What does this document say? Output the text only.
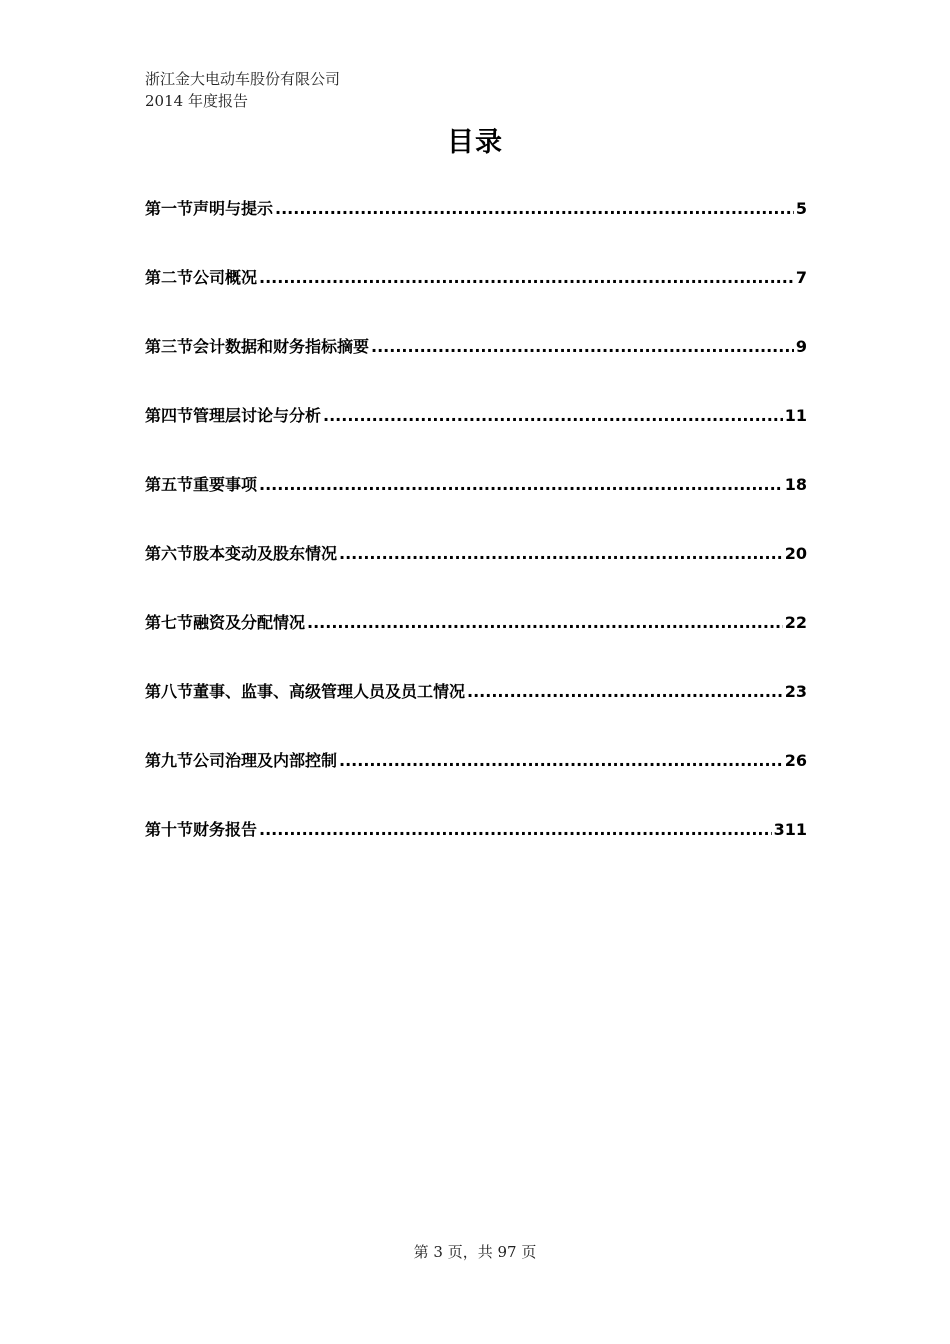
浙江金大电动车股份有限公司
2014 年度报告
目录
第一节声明与提示 .....	5
第二节公司概况 .....	7
第三节会计数据和财务指标摘要 .....	9
第四节管理层讨论与分析 .....	11
第五节重要事项 .....	18
第六节股本变动及股东情况 .....	20
第七节融资及分配情况 .....	22
第八节董事、监事、高级管理人员及员工情况 .....	23
第九节公司治理及内部控制 .....	26
第十节财务报告 .....	311
第 3 页，共 97 页
